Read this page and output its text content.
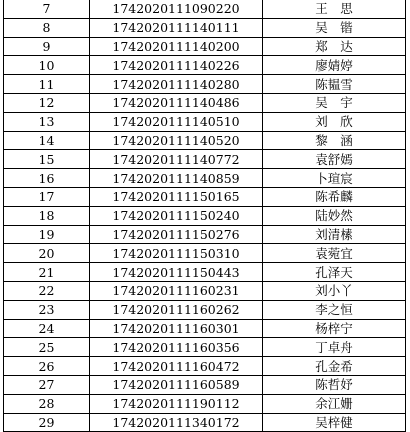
7	1742020111090220	王　思
8	1742020111140111	吴　锴
9	1742020111140200	郑　达
10	1742020111140226	廖婧婷
11	1742020111140280	陈韫雪
12	1742020111140486	吴　宇
13	1742020111140510	刘　欣
14	1742020111140520	黎　涵
15	1742020111140772	袁舒嫣
16	1742020111140859	卜瑄宸
17	1742020111150165	陈希麟
18	1742020111150240	陆妙然
19	1742020111150276	刘清榡
20	1742020111150310	袁菀宜
21	1742020111150443	孔泽天
22	1742020111160231	刘小丫
23	1742020111160262	李之恒
24	1742020111160301	杨梓宁
25	1742020111160356	丁卓舟
26	1742020111160472	孔金希
27	1742020111160589	陈哲妤
28	1742020111190112	余江姗
29	1742020111340172	吴梓健
